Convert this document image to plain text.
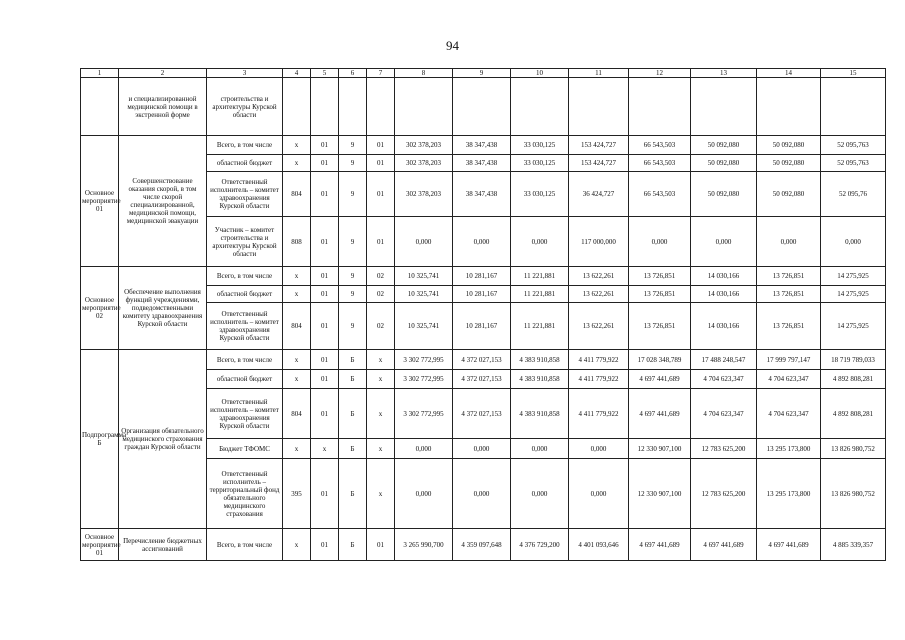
94
1	2	3	4	5	6	7	8	9	10	11	12	13	14	15
	и специализированной медицинской помощи в экстренной форме	строительства и архитектуры Курской области												
Основное мероприятие 01	Совершенствование оказания скорой, в том числе скорой специализированной, медицинской помощи, медицинской эвакуации	Всего, в том числе	х	01	9	01	302 378,203	38 347,438	33 030,125	153 424,727	66 543,503	50 092,080	50 092,080	52 095,763
		областной бюджет	х	01	9	01	302 378,203	38 347,438	33 030,125	153 424,727	66 543,503	50 092,080	50 092,080	52 095,763
		Ответственный исполнитель – комитет здравоохранения Курской области	804	01	9	01	302 378,203	38 347,438	33 030,125	36 424,727	66 543,503	50 092,080	50 092,080	52 095,76
		Участник – комитет строительства и архитектуры Курской области	808	01	9	01	0,000	0,000	0,000	117 000,000	0,000	0,000	0,000	0,000
Основное мероприятие 02	Обеспечение выполнения функций учреждениями, подведомственными комитету здравоохранения Курской области	Всего, в том числе	х	01	9	02	10 325,741	10 281,167	11 221,881	13 622,261	13 726,851	14 030,166	13 726,851	14 275,925
		областной бюджет	х	01	9	02	10 325,741	10 281,167	11 221,881	13 622,261	13 726,851	14 030,166	13 726,851	14 275,925
		Ответственный исполнитель – комитет здравоохранения Курской области	804	01	9	02	10 325,741	10 281,167	11 221,881	13 622,261	13 726,851	14 030,166	13 726,851	14 275,925
Подпрограмма Б	Организация обязательного медицинского страхования граждан Курской области	Всего, в том числе	х	01	Б	х	3 302 772,995	4 372 027,153	4 383 910,858	4 411 779,922	17 028 348,789	17 488 248,547	17 999 797,147	18 719 789,033
		областной бюджет	х	01	Б	х	3 302 772,995	4 372 027,153	4 383 910,858	4 411 779,922	4 697 441,689	4 704 623,347	4 704 623,347	4 892 808,281
		Ответственный исполнитель – комитет здравоохранения Курской области	804	01	Б	х	3 302 772,995	4 372 027,153	4 383 910,858	4 411 779,922	4 697 441,689	4 704 623,347	4 704 623,347	4 892 808,281
		Бюджет ТФОМС	х	х	Б	х	0,000	0,000	0,000	0,000	12 330 907,100	12 783 625,200	13 295 173,800	13 826 980,752
		Ответственный исполнитель – территориальный фонд обязательного медицинского страхования	395	01	Б	х	0,000	0,000	0,000	0,000	12 330 907,100	12 783 625,200	13 295 173,800	13 826 980,752
Основное мероприятие 01	Перечисление бюджетных ассигнований	Всего, в том числе	х	01	Б	01	3 265 990,700	4 359 097,648	4 376 729,200	4 401 093,646	4 697 441,689	4 697 441,689	4 697 441,689	4 885 339,357
